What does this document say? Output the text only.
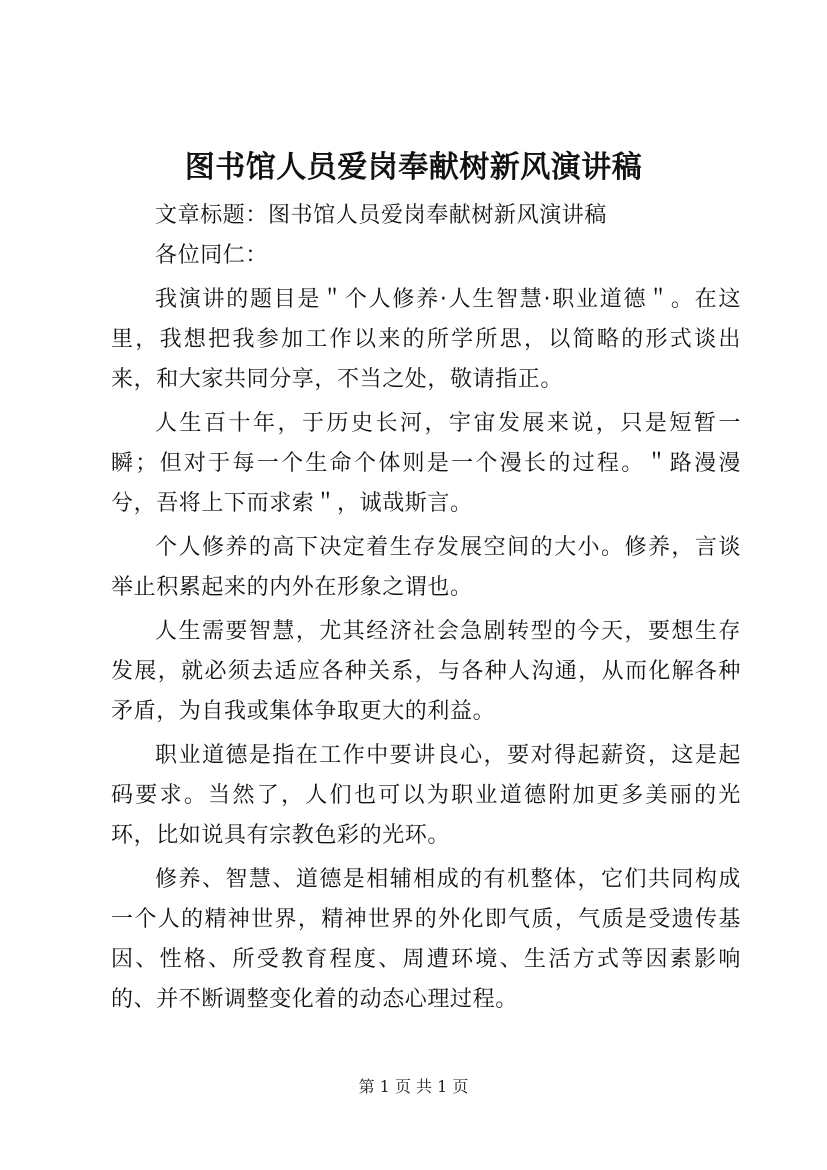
图书馆人员爱岗奉献树新风演讲稿

文章标题：图书馆人员爱岗奉献树新风演讲稿

各位同仁：

我演讲的题目是＂个人修养·人生智慧·职业道德＂。在这里，我想把我参加工作以来的所学所思，以简略的形式谈出来，和大家共同分享，不当之处，敬请指正。

人生百十年，于历史长河，宇宙发展来说，只是短暂一瞬；但对于每一个生命个体则是一个漫长的过程。＂路漫漫兮，吾将上下而求索＂，诚哉斯言。

个人修养的高下决定着生存发展空间的大小。修养，言谈举止积累起来的内外在形象之谓也。

人生需要智慧，尤其经济社会急剧转型的今天，要想生存发展，就必须去适应各种关系，与各种人沟通，从而化解各种矛盾，为自我或集体争取更大的利益。

职业道德是指在工作中要讲良心，要对得起薪资，这是起码要求。当然了，人们也可以为职业道德附加更多美丽的光环，比如说具有宗教色彩的光环。

修养、智慧、道德是相辅相成的有机整体，它们共同构成一个人的精神世界，精神世界的外化即气质，气质是受遗传基因、性格、所受教育程度、周遭环境、生活方式等因素影响的、并不断调整变化着的动态心理过程。

第 1 页 共 1 页
